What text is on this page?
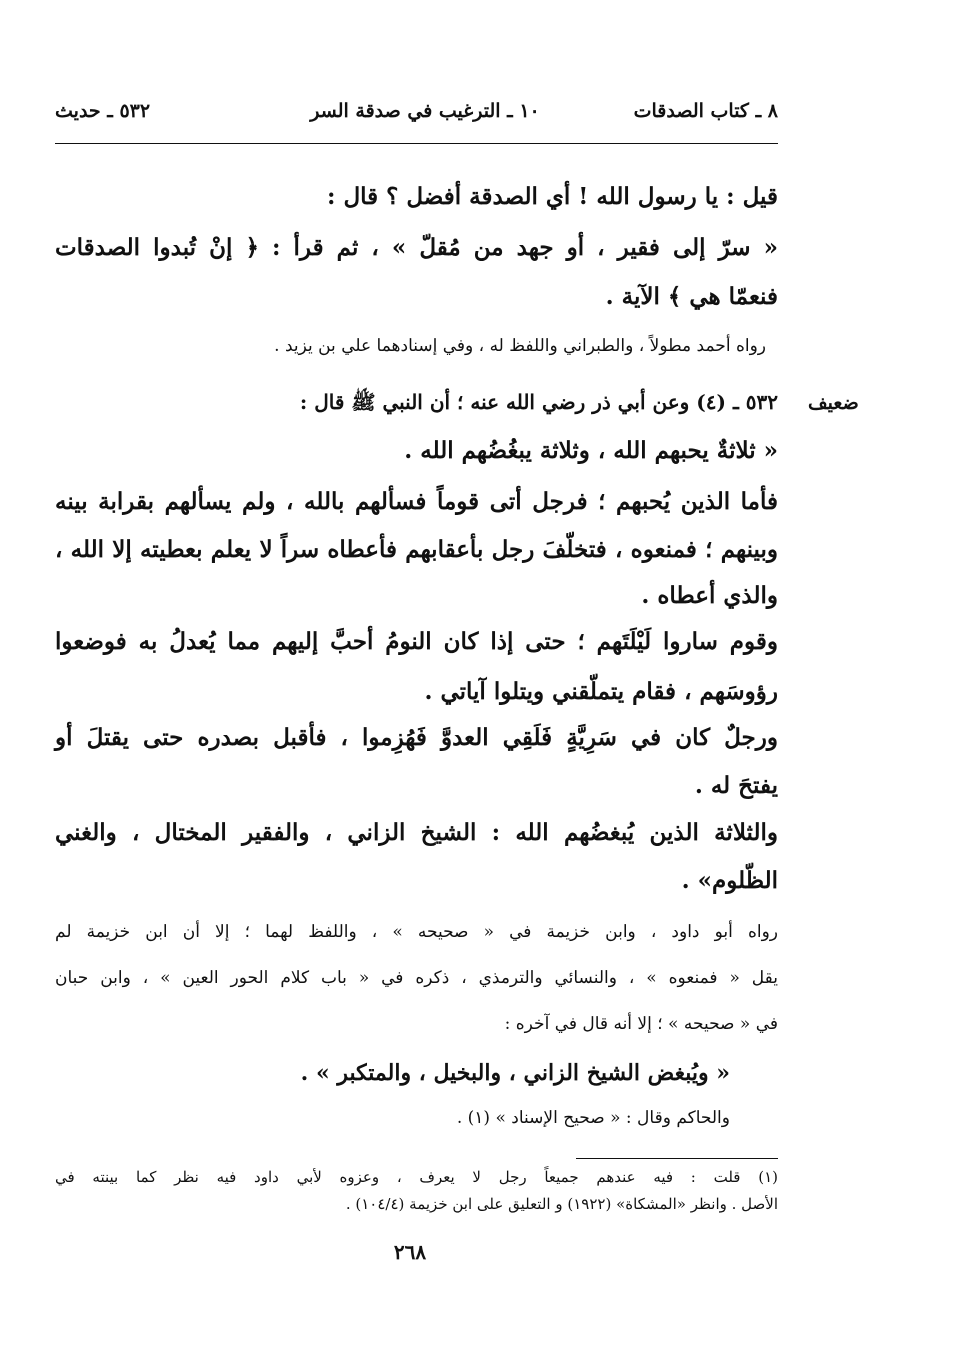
٨ ـ كتاب الصدقات
١٠ ـ الترغيب في صدقة السر
٥٣٢ ـ حديث
قيل : يا رسول الله ! أي الصدقة أفضل ؟ قال :
« سرّ إلى فقير ، أو جهد من مُقلّ » ، ثم قرأ : ﴿ إنْ تُبدوا الصدقات
فنعمّا هي ﴾ الآية .
رواه أحمد مطولاً ، والطبراني واللفظ له ، وفي إسنادهما علي بن يزيد .
ضعيف
٥٣٢ ـ (٤) وعن أبي ذر رضي الله عنه ؛ أن النبي ﷺ قال :
« ثلاثةٌ يحبهم الله ، وثلاثة يبغُضُهم الله .
فأما الذين يُحبهم ؛ فرجل أتى قوماً فسألهم بالله ، ولم يسألهم بقرابة بينه
وبينهم ؛ فمنعوه ، فتخلّفَ رجل بأعقابهم فأعطاه سراً لا يعلم بعطيته إلا الله ،
والذي أعطاه .
وقوم ساروا لَيْلَتَهم ؛ حتى إذا كان النومُ أحبَّ إليهم مما يُعدلُ به فوضعوا
رؤوسَهم ، فقام يتملّقني ويتلوا آياتي .
ورجلٌ كان في سَرِيَّةٍ فَلَقِي العدوَّ فَهُزِموا ، فأقبل بصدره حتى يقتلَ أو
يفتحَ له .
والثلاثة الذين يُبغضُهم الله : الشيخ الزاني ، والفقير المختال ، والغني
الظّلوم» .
رواه أبو داود ، وابن خزيمة في « صحيحه » ، واللفظ لهما ؛ إلا أن ابن خزيمة لم
يقل « فمنعوه » ، والنسائي والترمذي ، ذكره في « باب كلام الحور العين » ، وابن حبان
في « صحيحه » ؛ إلا أنه قال في آخره :
« ويُبغض الشيخ الزاني ، والبخيل ، والمتكبر » .
والحاكم وقال : « صحيح الإسناد » (١) .
(١) قلت : فيه عندهم جميعاً رجل لا يعرف ، وعزوه لأبي داود فيه نظر كما بينته في
الأصل . وانظر «المشكاة» (١٩٢٢) و التعليق على ابن خزيمة (١٠٤/٤) .
٢٦٨
